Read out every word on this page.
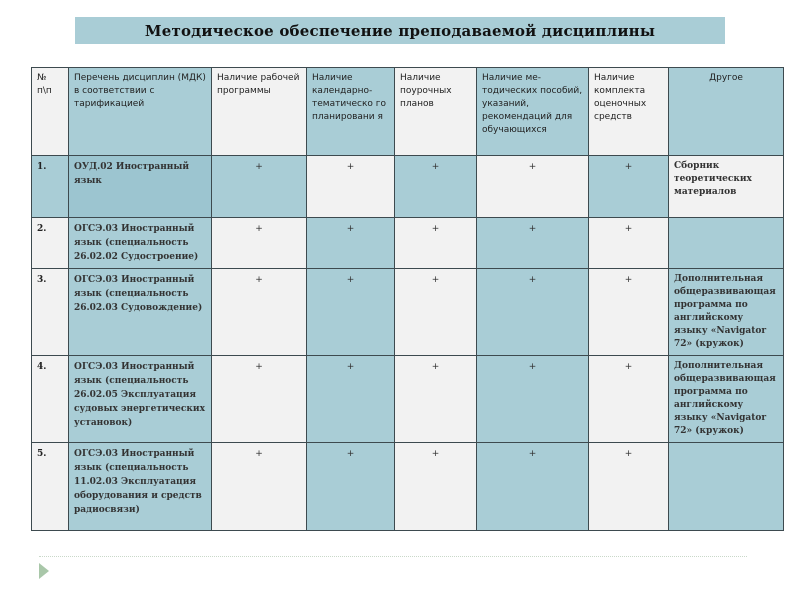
Методическое обеспечение преподаваемой дисциплины
№ п\п	Перечень дисциплин (МДК) в соответствии с тарификацией	Наличие рабочей программы	Наличие календарно-тематическо го планировани я	Наличие поурочных планов	Наличие ме-тодических пособий, указаний, рекомендаций для обучающихся	Наличие комплекта оценочных средств	Другое
1.	ОУД.02 Иностранный язык	+	+	+	+	+	Сборник теоретических материалов
2.	ОГСЭ.03 Иностранный язык (специальность 26.02.02 Судостроение)	+	+	+	+	+	
3.	ОГСЭ.03 Иностранный язык (специальность 26.02.03 Судовождение)	+	+	+	+	+	Дополнительная общеразвивающая программа по английскому языку «Navigator 72» (кружок)
4.	ОГСЭ.03 Иностранный язык (специальность 26.02.05 Эксплуатация судовых энергетических установок)	+	+	+	+	+	Дополнительная общеразвивающая программа по английскому языку «Navigator 72» (кружок)
5.	ОГСЭ.03 Иностранный язык (специальность 11.02.03 Эксплуатация оборудования и средств радиосвязи)	+	+	+	+	+	
